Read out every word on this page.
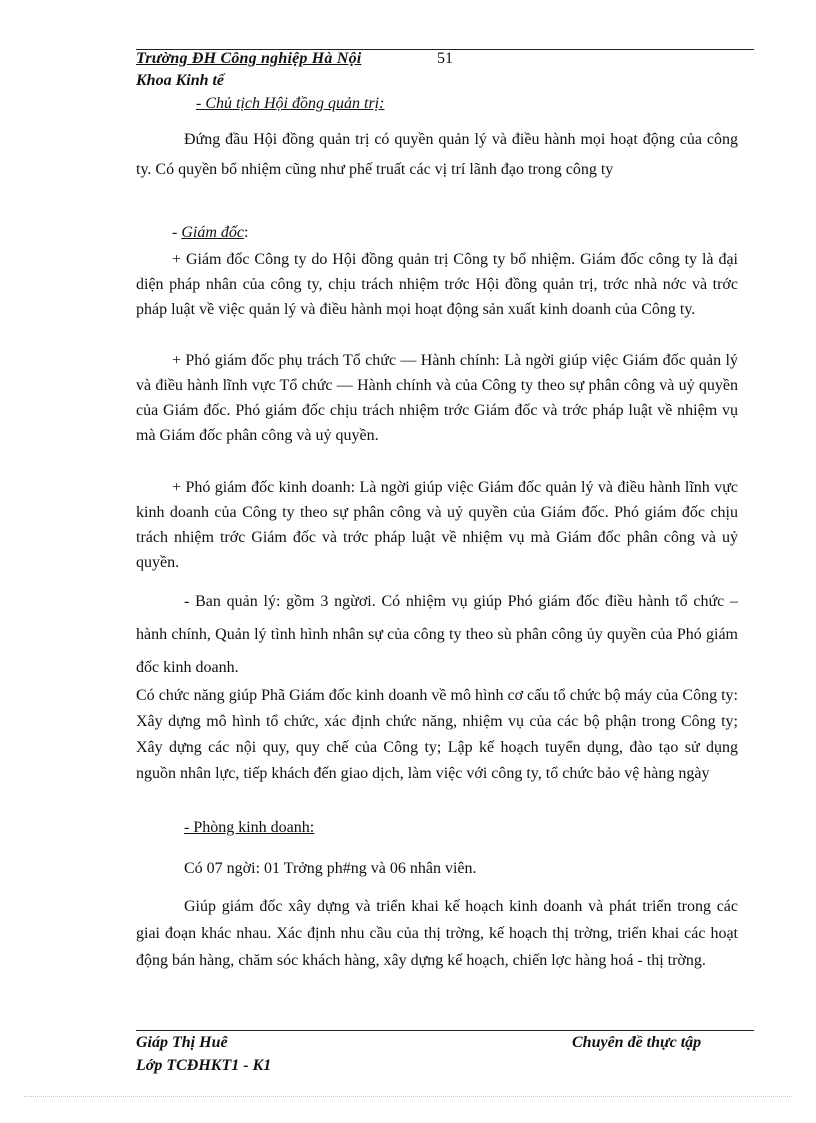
Trường ĐH Công nghiệp Hà Nội	51
Khoa Kinh tế
- Chủ tịch Hội đồng quản trị:

Đứng đầu Hội đồng quản trị có quyền quản lý và điều hành mọi hoạt động của công ty. Có quyền bổ nhiệm cũng như phế truất các vị trí lãnh đạo trong công ty

- Giám đốc:

+ Giám đốc Công ty do Hội đồng quản trị Công ty bổ nhiệm. Giám đốc công ty là đại diện pháp nhân của công ty, chịu trách nhiệm trớc Hội đồng quản trị, trớc nhà nớc và trớc pháp luật về việc quản lý và điều hành mọi hoạt động sản xuất kinh doanh của Công ty.

+ Phó giám đốc phụ trách Tổ chức — Hành chính: Là ngời giúp việc Giám đốc quản lý và điều hành lĩnh vực Tổ chức — Hành chính và của Công ty theo sự phân công và uỷ quyền của Giám đốc. Phó giám đốc chịu trách nhiệm trớc Giám đốc và trớc pháp luật về nhiệm vụ mà Giám đốc phân công và uỷ quyền.

+ Phó giám đốc kinh doanh: Là ngời giúp việc Giám đốc quản lý và điều hành lĩnh vực kinh doanh của Công ty theo sự phân công và uỷ quyền của Giám đốc. Phó giám đốc chịu trách nhiệm trớc Giám đốc và trớc pháp luật về nhiệm vụ mà Giám đốc phân công và uỷ quyền.

- Ban quản lý: gồm 3 ngừơi. Có nhiệm vụ giúp Phó giám đốc điều hành tổ chức – hành chính, Quản lý tình hình nhân sự của công ty theo sù phân công ủy quyền của Phó giám đốc kinh doanh.

Có chức năng giúp Phã Giám đốc kinh doanh về mô hình cơ cấu tổ chức bộ máy của Công ty: Xây dựng mô hình tổ chức, xác định chức năng, nhiệm vụ của các bộ phận trong Công ty; Xây dựng các nội quy, quy chế của Công ty; Lập kế hoạch tuyển dụng, đào tạo sử dụng nguồn nhân lực, tiếp khách đến giao dịch, làm việc với công ty, tổ chức bảo vệ hàng ngày

- Phòng kinh doanh:
Có 07 ngời: 01 Trởng ph#ng và 06 nhân viên.

Giúp giám đốc xây dựng và triển khai kế hoạch kinh doanh và phát triển trong các giai đoạn khác nhau. Xác định nhu cầu của thị trờng, kế hoạch thị trờng, triển khai các hoạt động bán hàng, chăm sóc khách hàng, xây dựng kế hoạch, chiến lợc hàng hoá - thị trờng.

Giáp Thị Huê
Lớp TCĐHKT1 - K1
Chuyên đề thực tập
